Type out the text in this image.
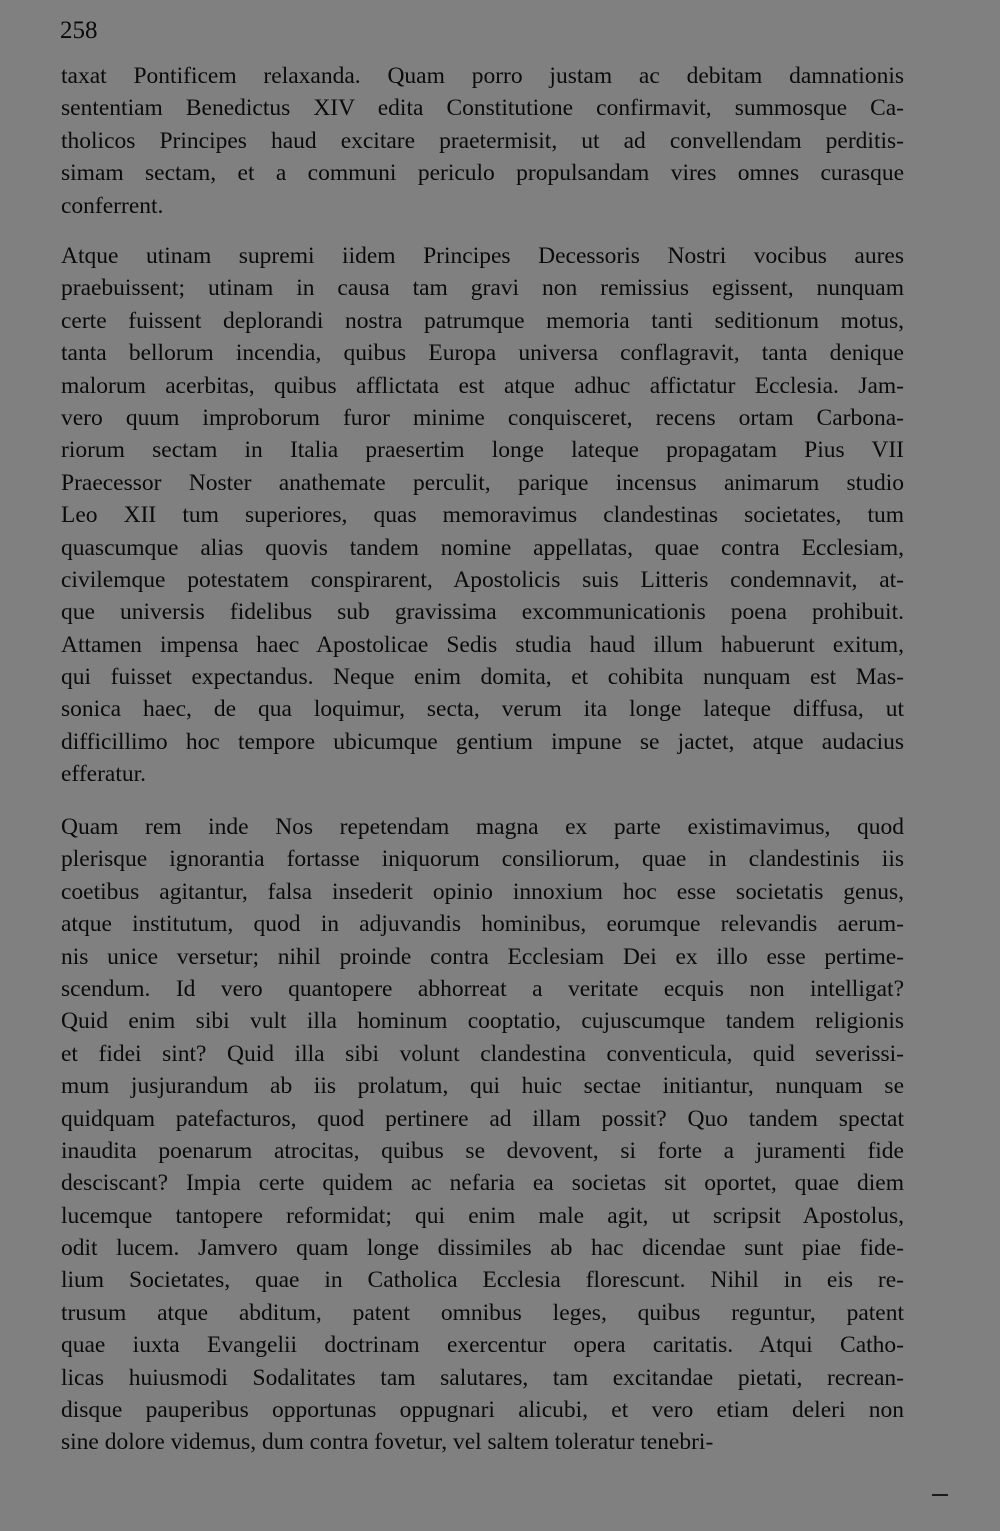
258
taxat Pontificem relaxanda. Quam porro justam ac debitam damnationis
sententiam Benedictus XIV edita Constitutione confirmavit, summosque Ca-
tholicos Principes haud excitare praetermisit, ut ad convellendam perditis-
simam sectam, et a communi periculo propulsandam vires omnes curasque
conferrent.
Atque utinam supremi iidem Principes Decessoris Nostri vocibus aures
praebuissent; utinam in causa tam gravi non remissius egissent, nunquam
certe fuissent deplorandi nostra patrumque memoria tanti seditionum motus,
tanta bellorum incendia, quibus Europa universa conflagravit, tanta denique
malorum acerbitas, quibus afflictata est atque adhuc affictatur Ecclesia. Jam-
vero quum improborum furor minime conquisceret, recens ortam Carbona-
riorum sectam in Italia praesertim longe lateque propagatam Pius VII
Praecessor Noster anathemate perculit, parique incensus animarum studio
Leo XII tum superiores, quas memoravimus clandestinas societates, tum
quascumque alias quovis tandem nomine appellatas, quae contra Ecclesiam,
civilemque potestatem conspirarent, Apostolicis suis Litteris condemnavit, at-
que universis fidelibus sub gravissima excommunicationis poena prohibuit.
Attamen impensa haec Apostolicae Sedis studia haud illum habuerunt exitum,
qui fuisset expectandus. Neque enim domita, et cohibita nunquam est Mas-
sonica haec, de qua loquimur, secta, verum ita longe lateque diffusa, ut
difficillimo hoc tempore ubicumque gentium impune se jactet, atque audacius
efferatur.
Quam rem inde Nos repetendam magna ex parte existimavimus, quod
plerisque ignorantia fortasse iniquorum consiliorum, quae in clandestinis iis
coetibus agitantur, falsa insederit opinio innoxium hoc esse societatis genus,
atque institutum, quod in adjuvandis hominibus, eorumque relevandis aerum-
nis unice versetur; nihil proinde contra Ecclesiam Dei ex illo esse pertime-
scendum. Id vero quantopere abhorreat a veritate ecquis non intelligat?
Quid enim sibi vult illa hominum cooptatio, cujuscumque tandem religionis
et fidei sint? Quid illa sibi volunt clandestina conventicula, quid severissi-
mum jusjurandum ab iis prolatum, qui huic sectae initiantur, nunquam se
quidquam patefacturos, quod pertinere ad illam possit? Quo tandem spectat
inaudita poenarum atrocitas, quibus se devovent, si forte a juramenti fide
desciscant? Impia certe quidem ac nefaria ea societas sit oportet, quae diem
lucemque tantopere reformidat; qui enim male agit, ut scripsit Apostolus,
odit lucem. Jamvero quam longe dissimiles ab hac dicendae sunt piae fide-
lium Societates, quae in Catholica Ecclesia florescunt. Nihil in eis re-
trusum atque abditum, patent omnibus leges, quibus reguntur, patent
quae iuxta Evangelii doctrinam exercentur opera caritatis. Atqui Catho-
licas huiusmodi Sodalitates tam salutares, tam excitandae pietati, recrean-
disque pauperibus opportunas oppugnari alicubi, et vero etiam deleri non
sine dolore videmus, dum contra fovetur, vel saltem toleratur tenebri-
